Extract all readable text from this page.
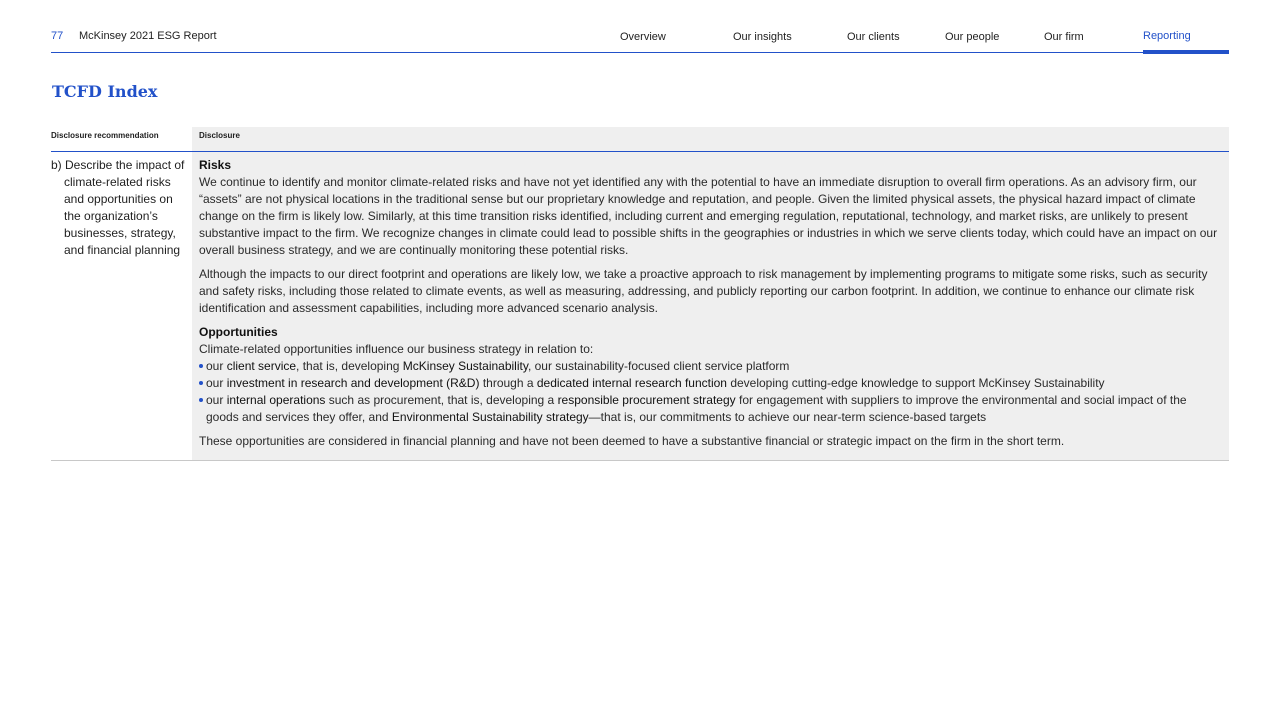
77 McKinsey 2021 ESG Report	Overview	Our insights	Our clients	Our people	Our firm	Reporting
TCFD Index
Disclosure recommendation	Disclosure
b) Describe the impact of climate-related risks and opportunities on the organization’s businesses, strategy, and financial planning
Risks

We continue to identify and monitor climate-related risks and have not yet identified any with the potential to have an immediate disruption to overall firm operations. As an advisory firm, our “assets” are not physical locations in the traditional sense but our proprietary knowledge and reputation, and people. Given the limited physical assets, the physical hazard impact of climate change on the firm is likely low. Similarly, at this time transition risks identified, including current and emerging regulation, reputational, technology, and market risks, are unlikely to present substantive impact to the firm. We recognize changes in climate could lead to possible shifts in the geographies or industries in which we serve clients today, which could have an impact on our overall business strategy, and we are continually monitoring these potential risks.

Although the impacts to our direct footprint and operations are likely low, we take a proactive approach to risk management by implementing programs to mitigate some risks, such as security and safety risks, including those related to climate events, as well as measuring, addressing, and publicly reporting our carbon footprint. In addition, we continue to enhance our climate risk identification and assessment capabilities, including more advanced scenario analysis.

Opportunities

Climate-related opportunities influence our business strategy in relation to:

our client service, that is, developing McKinsey Sustainability, our sustainability-focused client service platform
our investment in research and development (R&D) through a dedicated internal research function developing cutting-edge knowledge to support McKinsey Sustainability
our internal operations such as procurement, that is, developing a responsible procurement strategy for engagement with suppliers to improve the environmental and social impact of the goods and services they offer, and Environmental Sustainability strategy—that is, our commitments to achieve our near-term science-based targets

These opportunities are considered in financial planning and have not been deemed to have a substantive financial or strategic impact on the firm in the short term.
